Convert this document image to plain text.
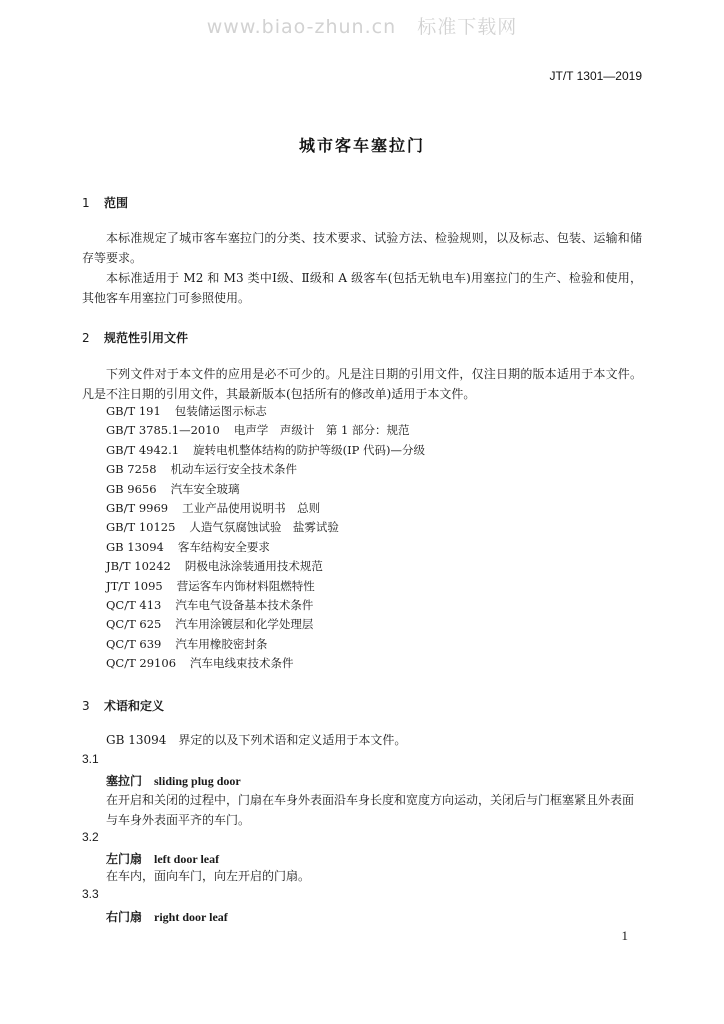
www.biao-zhun.cn   标准下载网
JT/T 1301—2019
城市客车塞拉门
1 范围

本标准规定了城市客车塞拉门的分类、技术要求、试验方法、检验规则，以及标志、包装、运输和储存等要求。

本标准适用于 M2 和 M3 类中Ⅰ级、Ⅱ级和 A 级客车(包括无轨电车)用塞拉门的生产、检验和使用，其他客车用塞拉门可参照使用。

2 规范性引用文件

下列文件对于本文件的应用是必不可少的。凡是注日期的引用文件，仅注日期的版本适用于本文件。凡是不注日期的引用文件，其最新版本(包括所有的修改单)适用于本文件。

GB/T 191 包装储运图示标志
GB/T 3785.1—2010 电声学　声级计　第 1 部分：规范
GB/T 4942.1 旋转电机整体结构的防护等级(IP 代码)—分级
GB 7258 机动车运行安全技术条件
GB 9656 汽车安全玻璃
GB/T 9969 工业产品使用说明书　总则
GB/T 10125 人造气氛腐蚀试验　盐雾试验
GB 13094 客车结构安全要求
JB/T 10242 阴极电泳涂装通用技术规范
JT/T 1095 营运客车内饰材料阻燃特性
QC/T 413 汽车电气设备基本技术条件
QC/T 625 汽车用涂镀层和化学处理层
QC/T 639 汽车用橡胶密封条
QC/T 29106 汽车电线束技术条件
3 术语和定义

GB 13094　界定的以及下列术语和定义适用于本文件。

3.1
塞拉门 sliding plug door

在开启和关闭的过程中，门扇在车身外表面沿车身长度和宽度方向运动，关闭后与门框塞紧且外表面与车身外表面平齐的车门。

3.2
左门扇 left door leaf

在车内，面向车门，向左开启的门扇。

3.3
右门扇 right door leaf
1
